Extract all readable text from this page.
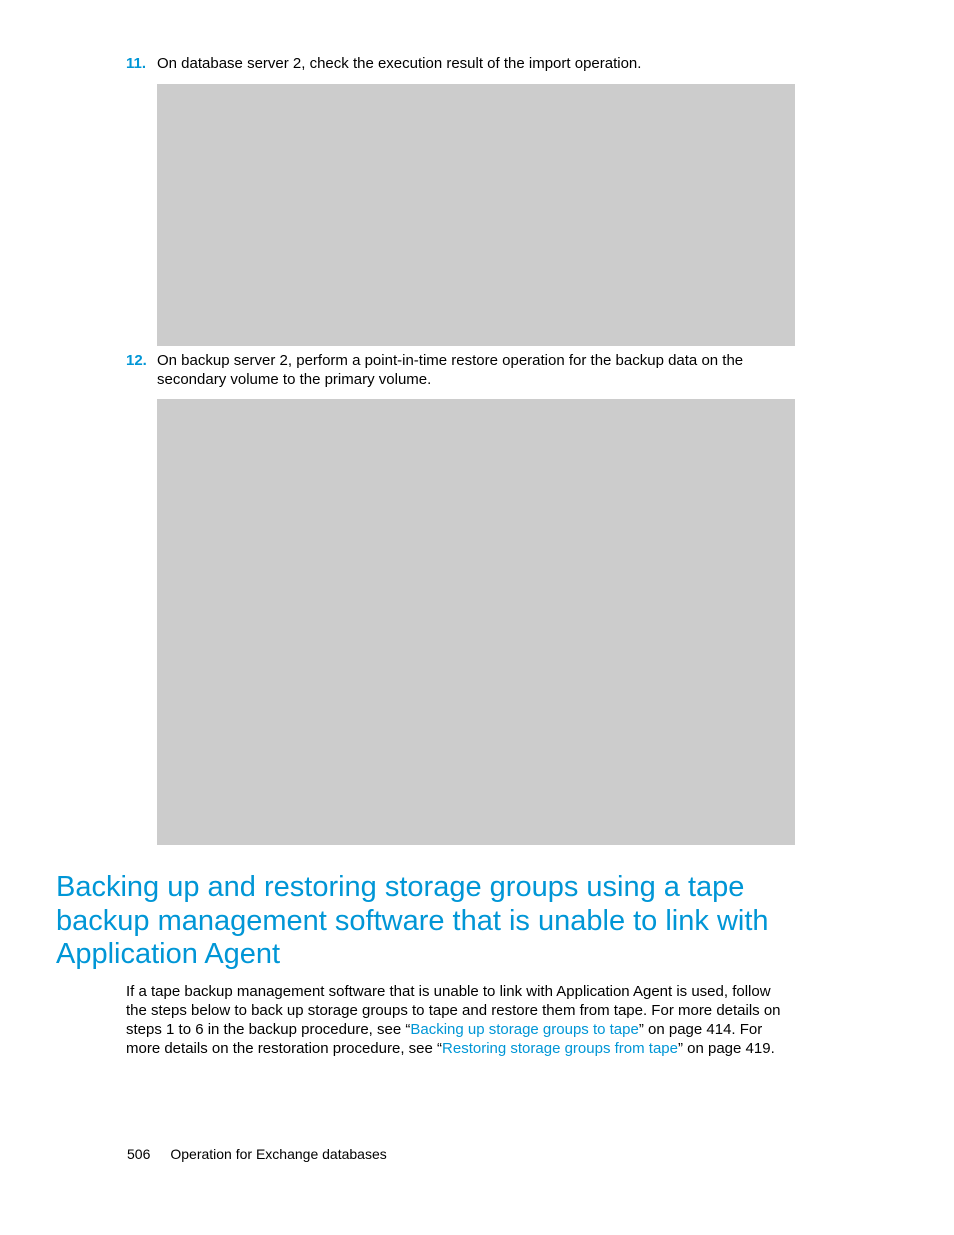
11. On database server 2, check the execution result of the import operation.
12. On backup server 2, perform a point-in-time restore operation for the backup data on the secondary volume to the primary volume.
Backing up and restoring storage groups using a tape backup management software that is unable to link with Application Agent

If a tape backup management software that is unable to link with Application Agent is used, follow the steps below to back up storage groups to tape and restore them from tape. For more details on steps 1 to 6 in the backup procedure, see “Backing up storage groups to tape” on page 414. For more details on the restoration procedure, see “Restoring storage groups from tape” on page 419.

506 Operation for Exchange databases
